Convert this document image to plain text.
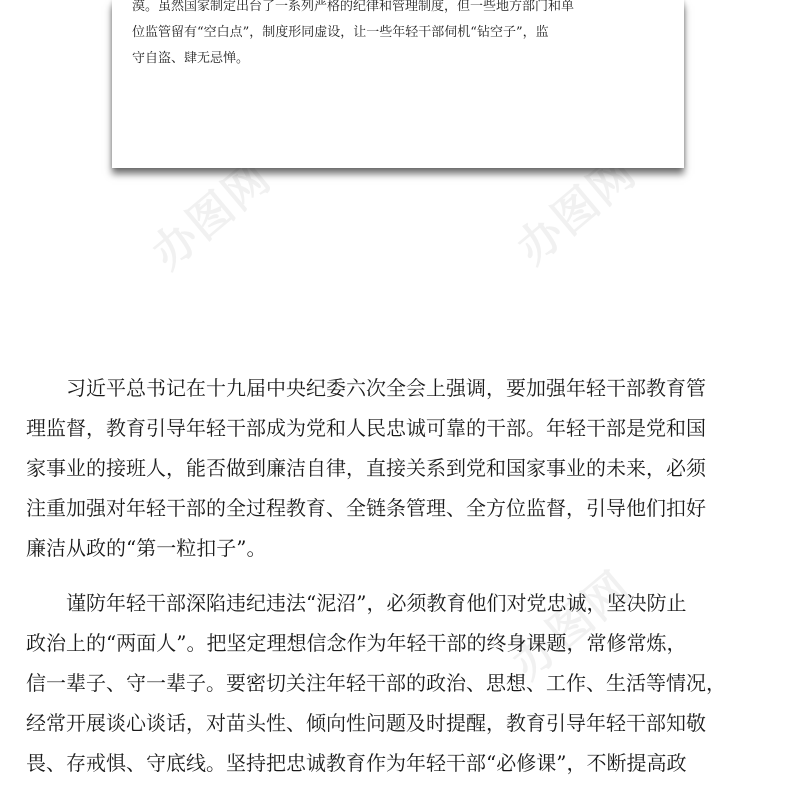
办图网	办图网
办图网

漠。虽然国家制定出台了一系列严格的纪律和管理制度，但一些地方部门和单
位监管留有“空白点”，制度形同虚设，让一些年轻干部伺机“钻空子”，监
守自盗、肆无忌惮。

　　习近平总书记在十九届中央纪委六次全会上强调，要加强年轻干部教育管
理监督，教育引导年轻干部成为党和人民忠诚可靠的干部。年轻干部是党和国
家事业的接班人，能否做到廉洁自律，直接关系到党和国家事业的未来，必须
注重加强对年轻干部的全过程教育、全链条管理、全方位监督，引导他们扣好
廉洁从政的“第一粒扣子”。

　　谨防年轻干部深陷违纪违法“泥沼”，必须教育他们对党忠诚，坚决防止
政治上的“两面人”。把坚定理想信念作为年轻干部的终身课题，常修常炼，
信一辈子、守一辈子。要密切关注年轻干部的政治、思想、工作、生活等情况，
经常开展谈心谈话，对苗头性、倾向性问题及时提醒，教育引导年轻干部知敬
畏、存戒惧、守底线。坚持把忠诚教育作为年轻干部“必修课”，不断提高政
